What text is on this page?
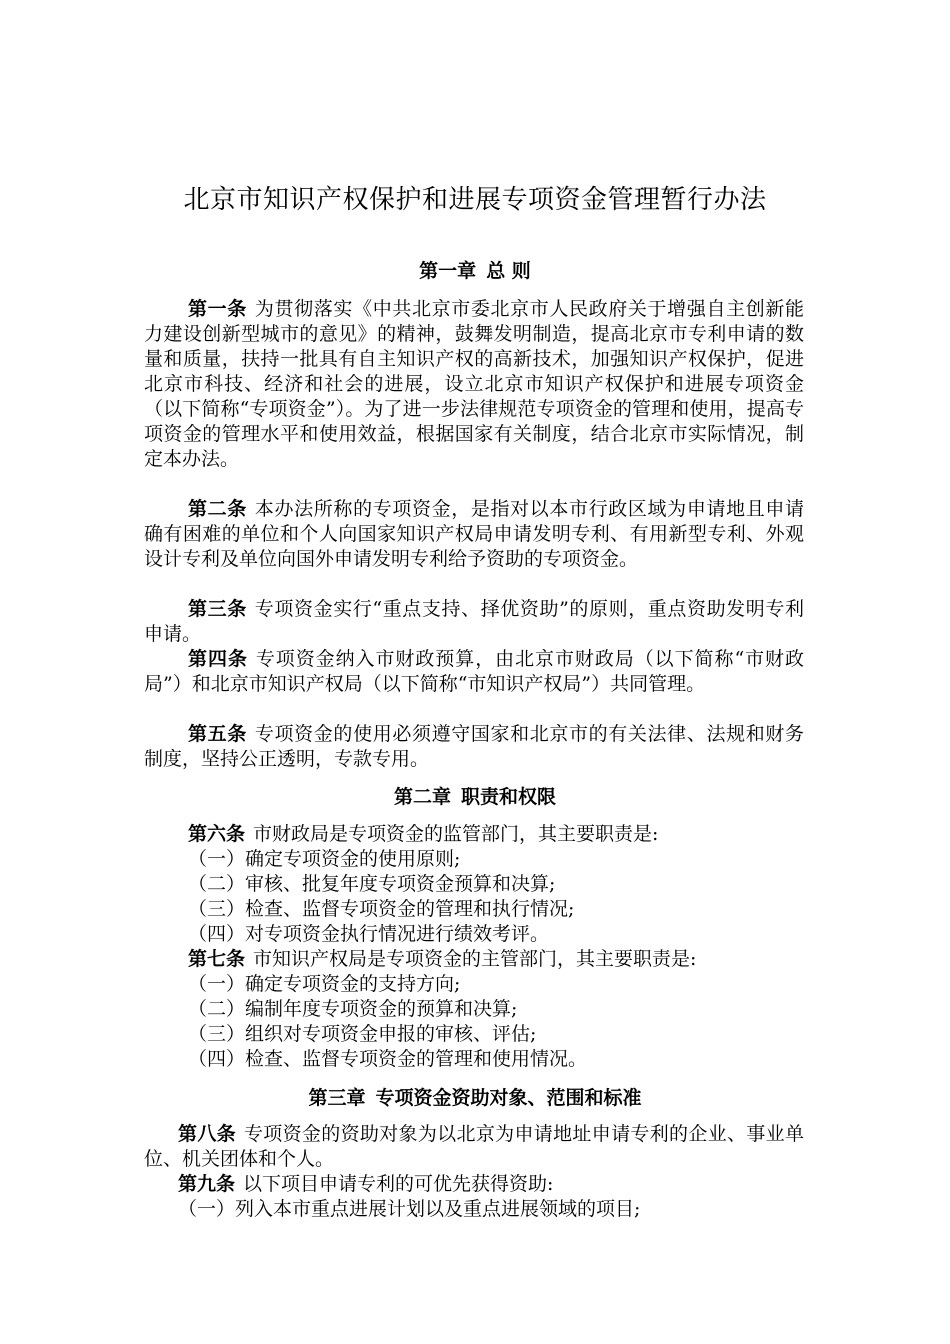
北京市知识产权保护和进展专项资金管理暂行办法
第一章 总 则

第一条 为贯彻落实《中共北京市委北京市人民政府关于增强自主创新能力建设创新型城市的意见》的精神，鼓舞发明制造，提高北京市专利申请的数量和质量，扶持一批具有自主知识产权的高新技术，加强知识产权保护，促进北京市科技、经济和社会的进展，设立北京市知识产权保护和进展专项资金（以下简称“专项资金”）。为了进一步法律规范专项资金的管理和使用，提高专项资金的管理水平和使用效益，根据国家有关制度，结合北京市实际情况，制定本办法。

第二条 本办法所称的专项资金，是指对以本市行政区域为申请地且申请确有困难的单位和个人向国家知识产权局申请发明专利、有用新型专利、外观设计专利及单位向国外申请发明专利给予资助的专项资金。

第三条 专项资金实行“重点支持、择优资助”的原则，重点资助发明专利申请。

第四条 专项资金纳入市财政预算，由北京市财政局（以下简称“市财政局”）和北京市知识产权局（以下简称“市知识产权局”）共同管理。

第五条 专项资金的使用必须遵守国家和北京市的有关法律、法规和财务制度，坚持公正透明，专款专用。

第二章 职责和权限

第六条 市财政局是专项资金的监管部门，其主要职责是:

（一）确定专项资金的使用原则;

（二）审核、批复年度专项资金预算和决算;

（三）检查、监督专项资金的管理和执行情况;

（四）对专项资金执行情况进行绩效考评。

第七条 市知识产权局是专项资金的主管部门，其主要职责是:

（一）确定专项资金的支持方向;

（二）编制年度专项资金的预算和决算;

（三）组织对专项资金申报的审核、评估;

（四）检查、监督专项资金的管理和使用情况。

第三章 专项资金资助对象、范围和标准

第八条 专项资金的资助对象为以北京为申请地址申请专利的企业、事业单位、机关团体和个人。

第九条 以下项目申请专利的可优先获得资助:

（一）列入本市重点进展计划以及重点进展领域的项目;
